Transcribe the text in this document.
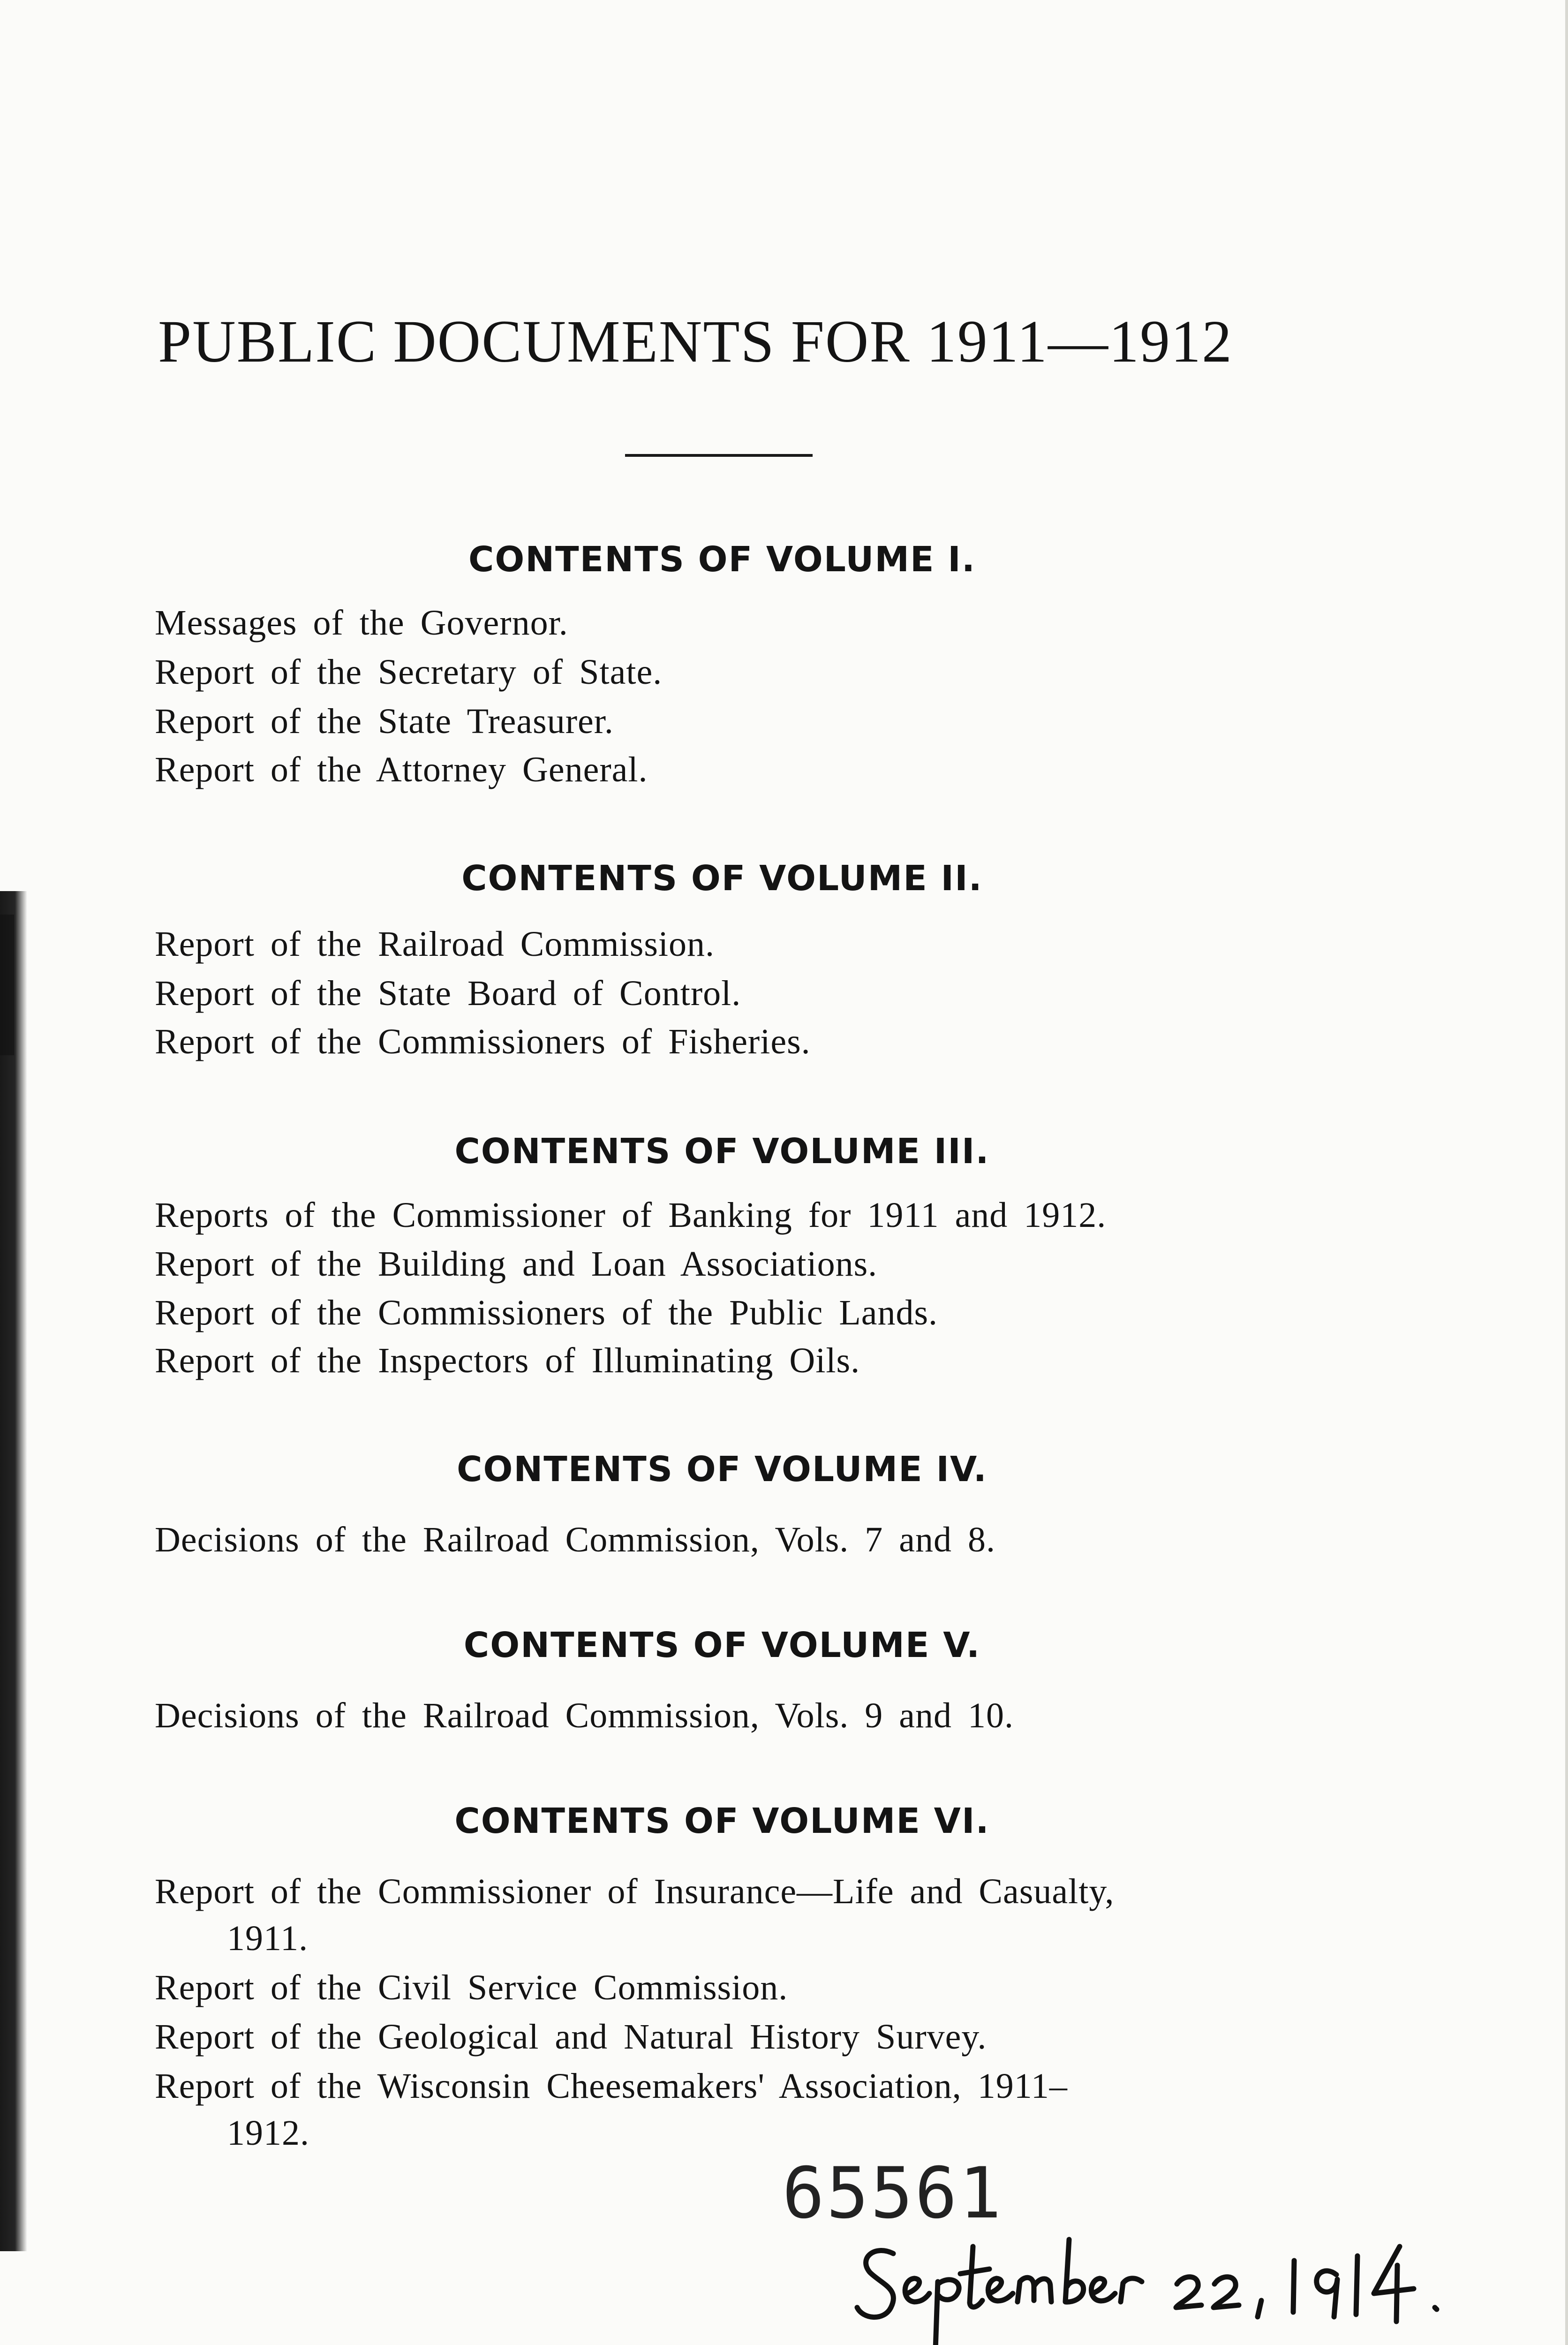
PUBLIC DOCUMENTS FOR 1911—1912
CONTENTS OF VOLUME I.
Messages of the Governor.
Report of the Secretary of State.
Report of the State Treasurer.
Report of the Attorney General.
CONTENTS OF VOLUME II.
Report of the Railroad Commission.
Report of the State Board of Control.
Report of the Commissioners of Fisheries.
CONTENTS OF VOLUME III.
Reports of the Commissioner of Banking for 1911 and 1912.
Report of the Building and Loan Associations.
Report of the Commissioners of the Public Lands.
Report of the Inspectors of Illuminating Oils.
CONTENTS OF VOLUME IV.
Decisions of the Railroad Commission, Vols. 7 and 8.
CONTENTS OF VOLUME V.
Decisions of the Railroad Commission, Vols. 9 and 10.
CONTENTS OF VOLUME VI.
Report of the Commissioner of Insurance—Life and Casualty,
1911.
Report of the Civil Service Commission.
Report of the Geological and Natural History Survey.
Report of the Wisconsin Cheesemakers' Association, 1911–
1912.
65561
